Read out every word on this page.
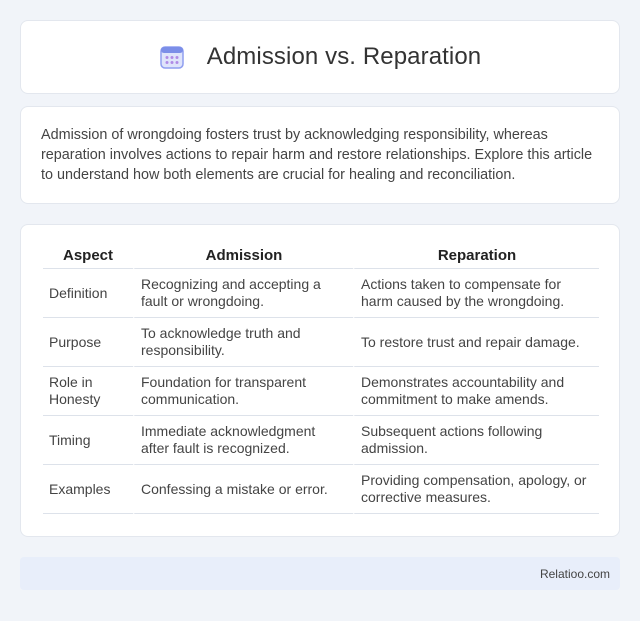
Admission vs. Reparation

Admission of wrongdoing fosters trust by acknowledging responsibility, whereas reparation involves actions to repair harm and restore relationships. Explore this article to understand how both elements are crucial for healing and reconciliation.

Aspect	Admission	Reparation
Definition	Recognizing and accepting a fault or wrongdoing.	Actions taken to compensate for harm caused by the wrongdoing.
Purpose	To acknowledge truth and responsibility.	To restore trust and repair damage.
Role in Honesty	Foundation for transparent communication.	Demonstrates accountability and commitment to make amends.
Timing	Immediate acknowledgment after fault is recognized.	Subsequent actions following admission.
Examples	Confessing a mistake or error.	Providing compensation, apology, or corrective measures.
Relatioo.com
